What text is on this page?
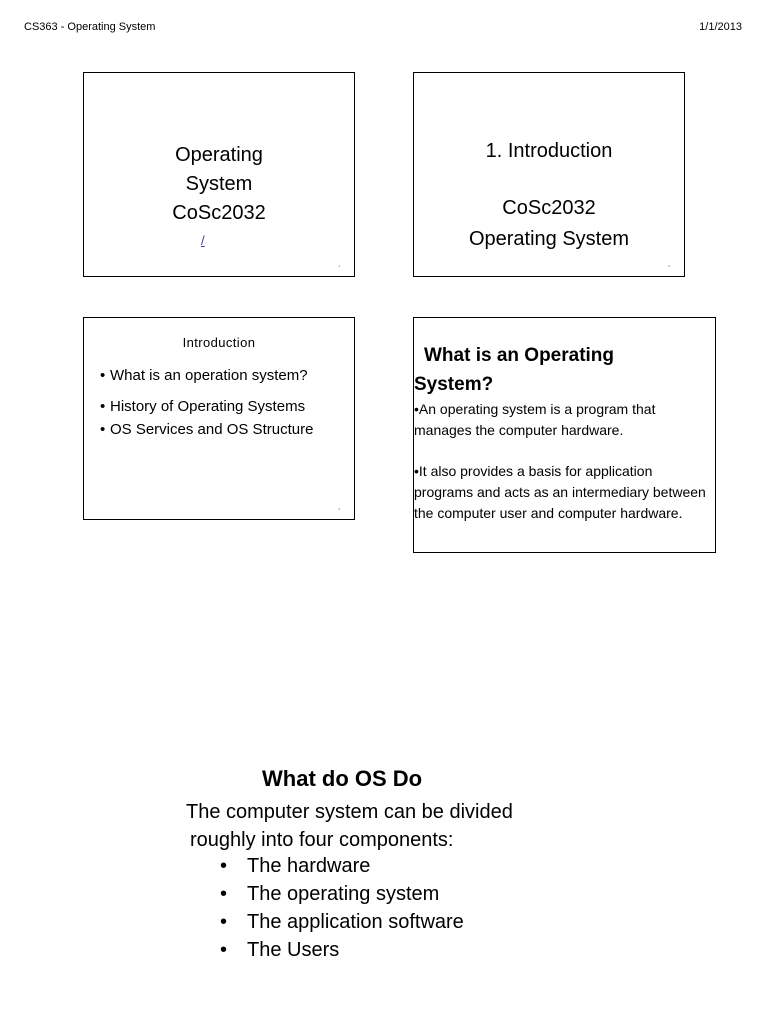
CS363 - Operating System	1/1/2013
Operating
System
CoSc2032
/
1
1. Introduction
CoSc2032
Operating System
2
Introduction
• What is an operation system?
• History of Operating Systems
• OS Services and OS Structure
3
What is an Operating System?
•An operating system is a program that manages the computer hardware.
•It also provides a basis for application programs and acts as an intermediary between the computer user and computer hardware.
What do OS Do
The computer system can be divided
roughly into four components:
• The hardware
• The operating system
• The application software
• The Users
